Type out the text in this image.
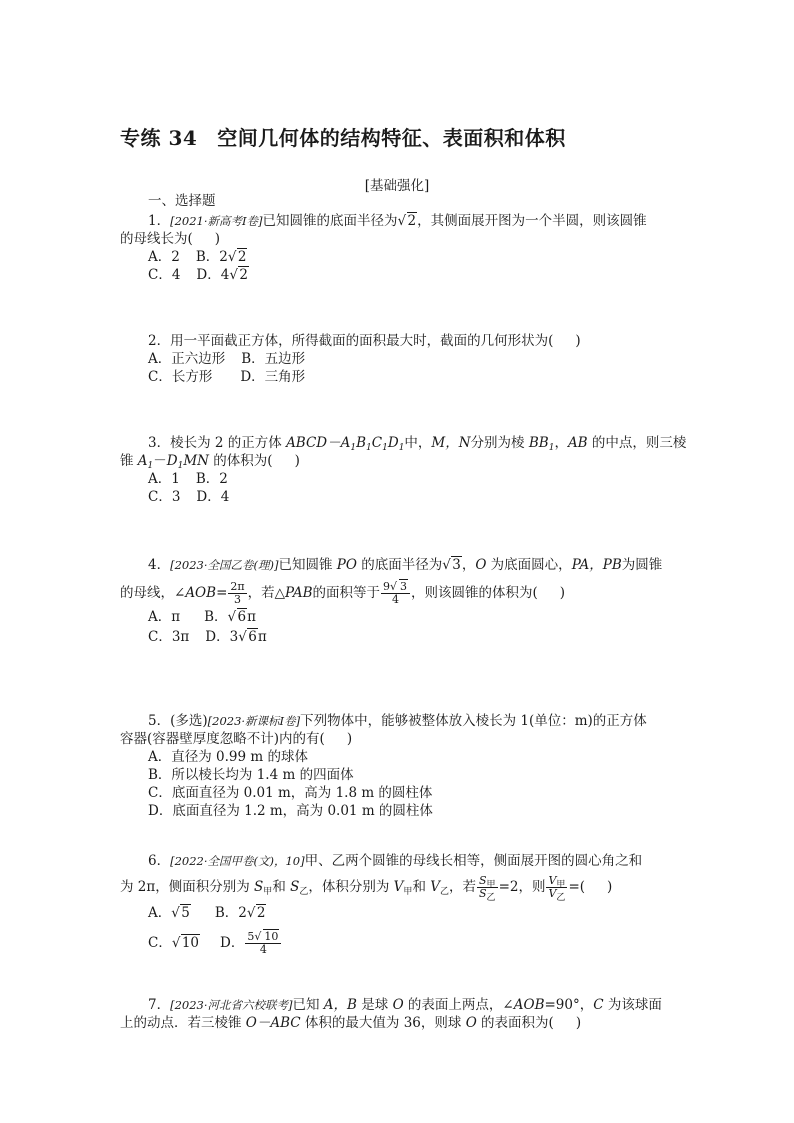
专练 34 空间几何体的结构特征、表面积和体积
[基础强化]
一、选择题
1．[2021·新高考Ⅰ卷]已知圆锥的底面半径为 √ 2，其侧面展开图为一个半圆，则该圆锥
的母线长为( )
A．2 B．2 √ 2
C．4 D．4 √ 2
2．用一平面截正方体，所得截面的面积最大时，截面的几何形状为( )
A．正六边形 B．五边形
C．长方形 D．三角形
3．棱长为 2 的正方体 $ABCD-A_1B_1C_1D_1$中，M，N分别为棱 $BB_1$，AB 的中点，则三棱
锥 $A_1-D_1MN$ 的体积为( )
A．1 B．2
C．3 D．4
4．[2023·全国乙卷(理)]已知圆锥 PO 的底面半径为 √ 3，O 为底面圆心，PA，PB为圆锥
的母线，∠AOB= $\frac{2\pi}{3}$ ，若△PAB的面积等于 $\frac{9 √ 3}{4}$ ，则该圆锥的体积为( )
A．π B． √ 6π
C．3π D．3 √ 6π
5．(多选)[2023·新课标Ⅰ卷]下列物体中，能够被整体放入棱长为 1(单位：m)的正方体
容器(容器壁厚度忽略不计)内的有( )
A．直径为 0.99 m 的球体
B．所以棱长均为 1.4 m 的四面体
C．底面直径为 0.01 m，高为 1.8 m 的圆柱体
D．底面直径为 1.2 m，高为 0.01 m 的圆柱体
6．[2022·全国甲卷(文)，10]甲、乙两个圆锥的母线长相等，侧面展开图的圆心角之和
为 2π，侧面积分别为 $S_甲$和 $S_乙$，体积分别为 $V_甲$和 $V_乙$，若 $\frac{S_甲}{S_乙} =2$，则 $\frac{V_甲}{V_乙}$ =( )
A． √ 5 B．2 √ 2
C． √ 10 D． $\frac{5 √ 10}{4}$
7．[2023·河北省六校联考]已知 A，B 是球 O 的表面上两点，∠AOB=90°，C 为该球面
上的动点．若三棱锥 O－ABC 体积的最大值为 36，则球 O 的表面积为( )
